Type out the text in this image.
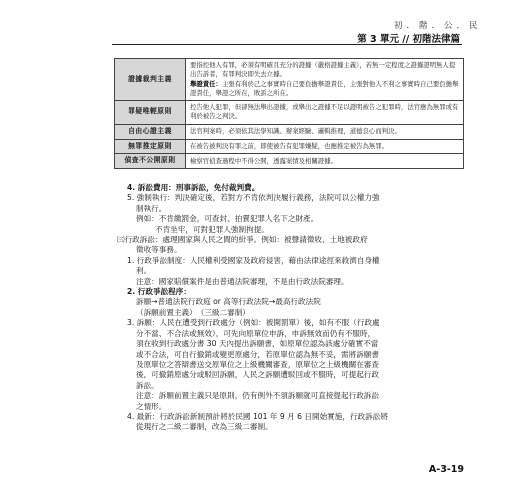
初．階．公．民
第 3 單元 // 初階法律篇
證據裁判主義	要指控他人有罪，必須有明確且充分的證據（嚴格證據主義），若無一定程度之證據證明無人提出告訴者，有罪判決即失去立據。
舉證責任：主張有利於己之事實時自己要負擔舉證責任，主張對他人不利之事實時自己要負擔舉證責任，舉證之所在，敗訴之所在。

罪疑唯輕原則	控告他人犯罪，但卻無法舉出證據，或舉出之證據不足以證明被告之犯罪時，法官應為無罪或有利於被告之判決。
自由心證主義	法官判案時，必須依其法學知識、辦案經驗、邏輯推理，道德良心而判決。
無罪推定原則	在被告被判決有罪之前，即使被告有犯罪嫌疑，也應推定被告為無罪。
偵查不公開原則	檢察官偵查過程中不得公開，透露案情及相關證據。
4. 訴訟費用：刑事訴訟，免付裁判費。
5. 強制執行：判決確定後，若對方不肯依判決履行義務，法院可以公權力強
制執行。
例如：不肯繳罰金，可查封、拍賣犯罪人名下之財產。
不肯坐牢，可對犯罪人強制拘提。
㈢行政訴訟：處理國家與人民之間的紛爭。例如：被聲請徵收、土地被政府
徵收等事務。
1. 行政爭訟制度：人民權利受國家及政府侵害，藉由法律途徑來救濟自身權
利。
注意：國家賠償案件是由普通法院審理，不是由行政法院審理。
2. 行政爭訟程序：
訴願→普通法院行政庭 or 高等行政法院→最高行政法院
（訴願前置主義）　（三級二審制）
3. 訴願：人民在遭受到行政處分（例如：被開罰單）後，如有不服（行政處
分不當、不合法或無效），可先向原單位申訴，申訴無效而仍有不服時，
須在收到行政處分書 30 天內提出訴願書，如原單位認為該處分確實不當
或不合法，可自行撤銷或變更原處分，若原單位認為無不妥，需將訴願書
及原單位之答辯書送交原單位之上級機關審查，原單位之上級機關在審查
後，可撤銷原處分或駁回訴願，人民之訴願遭駁回或不服時，可提起行政
訴訟。
注意：訴願前置主義只是原則，仍有例外不須訴願就可直接提起行政訴訟
之情形。
4. 最新：行政訴訟新制預計將於民國 101 年 9 月 6 日開始實施，行政訴訟將
從現行之二級二審制，改為三級二審制。
A-3-19
